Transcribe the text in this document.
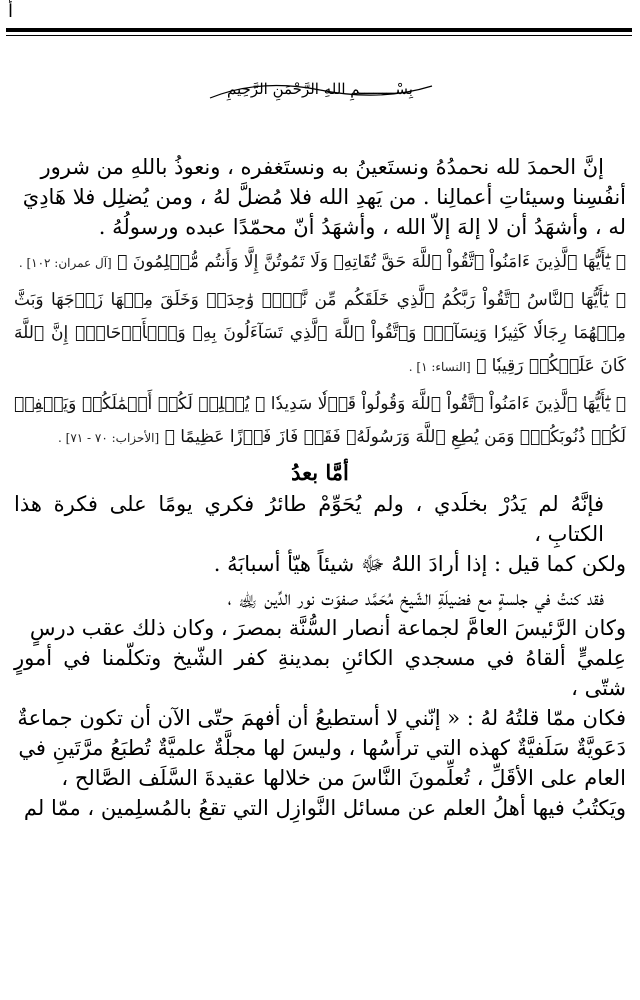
أ
بِسْــــــــمِ اللهِ الرَّحْمَنِ الرَّحِيمِ

إنَّ الحمدَ لله نحمدُهُ ونستَعينُ به ونستَغفره ، ونعوذُ باللهِ من شرور

أنفُسِنا وسيئاتِ أعمالِنا . من يَهدِ الله فلا مُضلَّ لهُ ، ومن يُضلِل فلا هَادِيَ

له ، وأشهَدُ أن لا إلهَ إلاّ الله ، وأشهَدُ أنّ محمّدًا عبده ورسولُهُ .

﴿ يَٰٓأَيُّهَا ٱلَّذِينَ ءَامَنُواْ ٱتَّقُواْ ٱللَّهَ حَقَّ تُقَاتِهِۦ وَلَا تَمُوتُنَّ إِلَّا وَأَنتُم مُّسۡلِمُونَ ﴾ [آل عمران: ١٠٢] .

﴿ يَٰٓأَيُّهَا ٱلنَّاسُ ٱتَّقُواْ رَبَّكُمُ ٱلَّذِي خَلَقَكُم مِّن نَّفۡسٖ وَٰحِدَةٖ وَخَلَقَ مِنۡهَا زَوۡجَهَا وَبَثَّ مِنۡهُمَا رِجَالٗا كَثِيرٗا وَنِسَآءٗۚ وَٱتَّقُواْ ٱللَّهَ ٱلَّذِي تَسَآءَلُونَ بِهِۦ وَٱلۡأَرۡحَامَۚ إِنَّ ٱللَّهَ كَانَ عَلَيۡكُمۡ رَقِيبٗا ﴾ [النساء: ١] .

﴿ يَٰٓأَيُّهَا ٱلَّذِينَ ءَامَنُواْ ٱتَّقُواْ ٱللَّهَ وَقُولُواْ قَوۡلٗا سَدِيدٗا ۞ يُصۡلِحۡ لَكُمۡ أَعۡمَٰلَكُمۡ وَيَغۡفِرۡ لَكُمۡ ذُنُوبَكُمۡۗ وَمَن يُطِعِ ٱللَّهَ وَرَسُولَهُۥ فَقَدۡ فَازَ فَوۡزًا عَظِيمًا ﴾ [الأحزاب: ٧٠ - ٧١] .

أمَّا بعدُ

فإنَّهُ لم يَدُرْ بخلَدي ، ولم يُحَوِّمْ طائرُ فكري يومًا على فكرة هذا الكتابِ ،

ولكن كما قيل : إذا أرادَ اللهُ ﷻ شيئاً هيّأ أسبابَهُ .

فقد كنتُ في جلسةٍ مع فضيلَةِ الشّيخ مُحَمَّد صفوَت نور الدِّين ﵀ ،

وكان الرَّئيسَ العامَّ لجماعة أنصار السُّنَّة بمصرَ ، وكان ذلك عقب درسٍ

عِلميٍّ ألقاهُ في مسجدي الكائنِ بمدينةِ كفر الشّيخ وتكلّمنا في أمورٍ شتّى ،

فكان ممّا قلتُهُ لهُ : « إنّني لا أستطيعُ أن أفهمَ حتّى الآن أن تكون جماعةٌ

دَعَويَّةٌ سَلَفيَّةٌ كهذه التي ترأَسُها ، وليسَ لها مجلَّةٌ علميَّةٌ تُطبَعُ مرَّتَينِ في

العام على الأقَلِّ ، تُعلِّمونَ النَّاسَ من خلالها عقيدةَ السَّلَف الصَّالح ،

ويَكتُبُ فيها أهلُ العلم عن مسائل النَّوازِل التي تقعُ بالمُسلِمين ، ممّا لم
